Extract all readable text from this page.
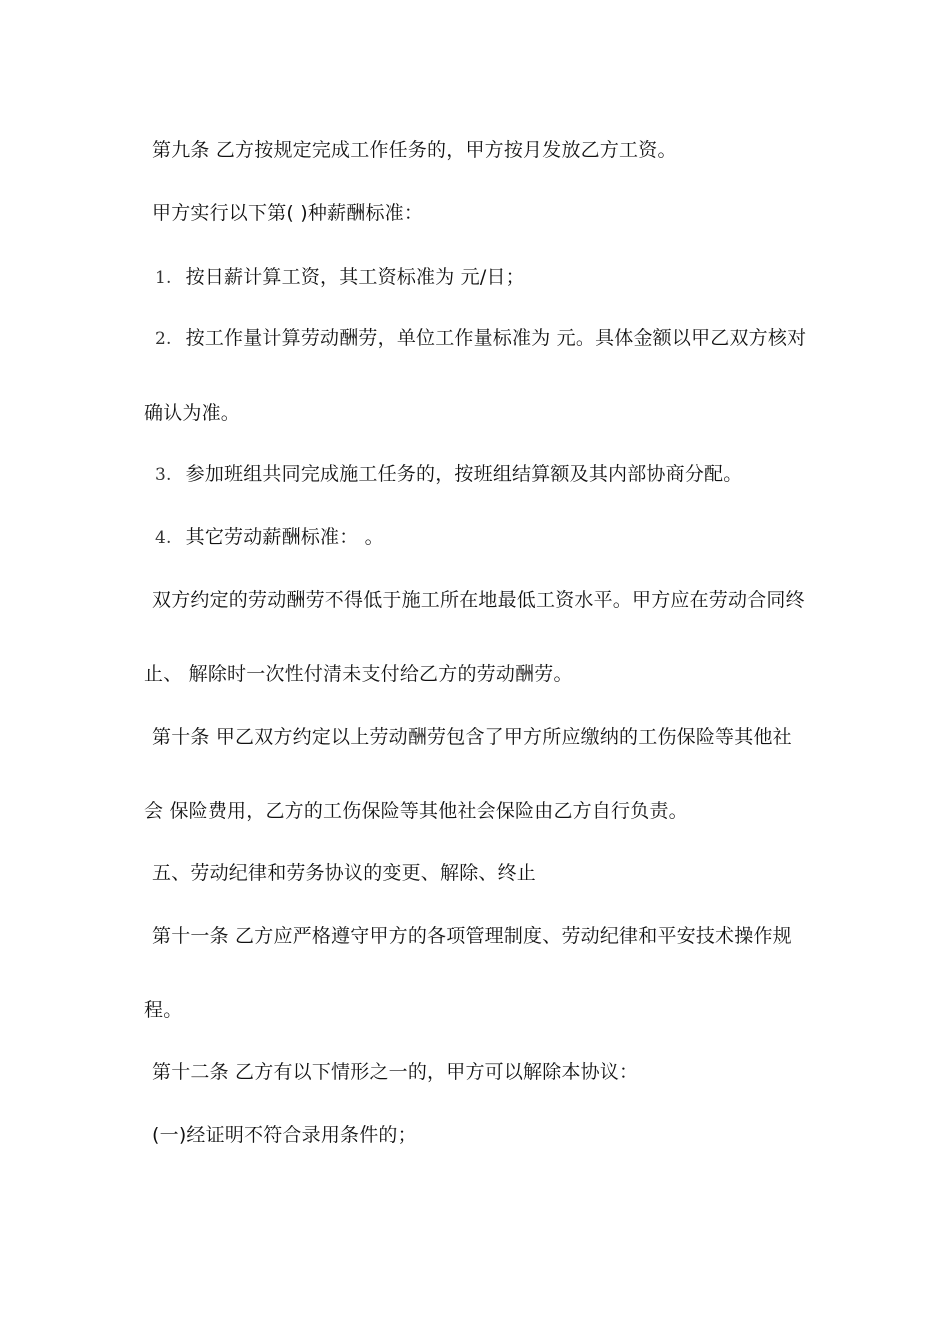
第九条 乙方按规定完成工作任务的，甲方按月发放乙方工资。
甲方实行以下第( )种薪酬标准：
1. 按日薪计算工资，其工资标准为 元/日；
2. 按工作量计算劳动酬劳，单位工作量标准为 元。具体金额以甲乙双方核对
确认为准。
3. 参加班组共同完成施工任务的，按班组结算额及其内部协商分配。
4. 其它劳动薪酬标准： 。
双方约定的劳动酬劳不得低于施工所在地最低工资水平。甲方应在劳动合同终
止、 解除时一次性付清未支付给乙方的劳动酬劳。
第十条 甲乙双方约定以上劳动酬劳包含了甲方所应缴纳的工伤保险等其他社
会 保险费用，乙方的工伤保险等其他社会保险由乙方自行负责。
五、劳动纪律和劳务协议的变更、解除、终止
第十一条 乙方应严格遵守甲方的各项管理制度、劳动纪律和平安技术操作规
程。
第十二条 乙方有以下情形之一的，甲方可以解除本协议：
(一)经证明不符合录用条件的；
